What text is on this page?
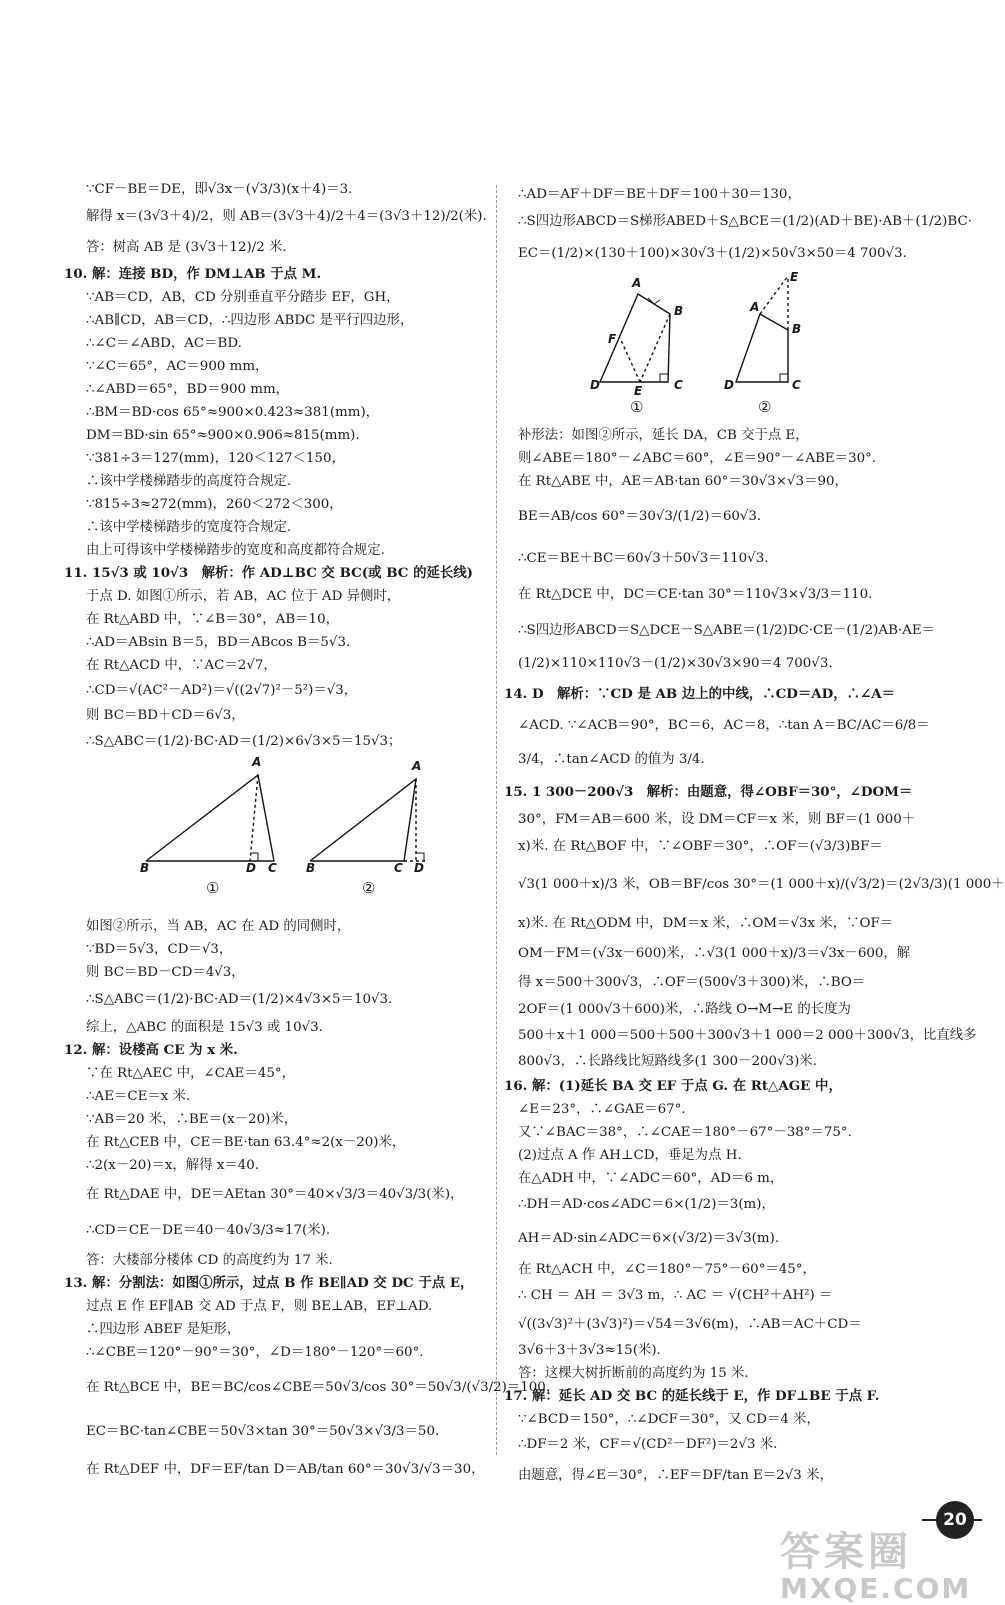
∵CF－BE＝DE，即√3x－(√3/3)(x＋4)＝3.
解得 x＝(3√3＋4)/2，则 AB＝(3√3＋4)/2＋4＝(3√3＋12)/2(米).
答：树高 AB 是 (3√3＋12)/2 米.
10. 解：连接 BD，作 DM⊥AB 于点 M.
∵AB＝CD，AB，CD 分别垂直平分踏步 EF，GH，
∴AB∥CD，AB＝CD，∴四边形 ABDC 是平行四边形，
∴∠C＝∠ABD，AC＝BD.
∵∠C＝65°，AC＝900 mm，
∴∠ABD＝65°，BD＝900 mm，
∴BM＝BD·cos 65°≈900×0.423≈381(mm)，
DM＝BD·sin 65°≈900×0.906≈815(mm).
∵381÷3＝127(mm)，120＜127＜150，
∴该中学楼梯踏步的高度符合规定.
∵815÷3≈272(mm)，260＜272＜300，
∴该中学楼梯踏步的宽度符合规定.
由上可得该中学楼梯踏步的宽度和高度都符合规定.
11. 15√3 或 10√3　解析：作 AD⊥BC 交 BC(或 BC 的延长线)
于点 D. 如图①所示，若 AB，AC 位于 AD 异侧时，
在 Rt△ABD 中，∵∠B＝30°，AB＝10，
∴AD＝ABsin B＝5，BD＝ABcos B＝5√3.
在 Rt△ACD 中，∵AC＝2√7，
∴CD＝√(AC²－AD²)＝√((2√7)²－5²)＝√3，
则 BC＝BD＋CD＝6√3，
∴S△ABC＝(1/2)·BC·AD＝(1/2)×6√3×5＝15√3；
A
B	D C
A
B	C D
①	②
如图②所示，当 AB，AC 在 AD 的同侧时，
∵BD＝5√3，CD＝√3，
则 BC＝BD－CD＝4√3，
∴S△ABC＝(1/2)·BC·AD＝(1/2)×4√3×5＝10√3.
综上，△ABC 的面积是 15√3 或 10√3.
12. 解：设楼高 CE 为 x 米.
∵在 Rt△AEC 中，∠CAE＝45°，
∴AE＝CE＝x 米.
∵AB＝20 米，∴BE＝(x－20)米，
在 Rt△CEB 中，CE＝BE·tan 63.4°≈2(x－20)米，
∴2(x－20)＝x，解得 x＝40.
在 Rt△DAE 中，DE＝AEtan 30°＝40×√3/3＝40√3/3(米)，
∴CD＝CE－DE＝40－40√3/3≈17(米).
答：大楼部分楼体 CD 的高度约为 17 米.
13. 解：分割法：如图①所示，过点 B 作 BE∥AD 交 DC 于点 E，
过点 E 作 EF∥AB 交 AD 于点 F，则 BE⊥AB，EF⊥AD.
∴四边形 ABEF 是矩形，
∴∠CBE＝120°－90°＝30°，∠D＝180°－120°＝60°.
在 Rt△BCE 中，BE＝BC/cos∠CBE＝50√3/cos 30°＝50√3/(√3/2)＝100，
EC＝BC·tan∠CBE＝50√3×tan 30°＝50√3×√3/3＝50.
在 Rt△DEF 中，DF＝EF/tan D＝AB/tan 60°＝30√3/√3＝30，
∴AD＝AF＋DF＝BE＋DF＝100＋30＝130，
∴S四边形ABCD＝S梯形ABED＋S△BCE＝(1/2)(AD＋BE)·AB＋(1/2)BC·
EC＝(1/2)×(130＋100)×30√3＋(1/2)×50√3×50＝4 700√3.
A
B
F
D	E	C
E
A
B
D	C
①	②
补形法：如图②所示，延长 DA，CB 交于点 E，
则∠ABE＝180°－∠ABC＝60°，∠E＝90°－∠ABE＝30°.
在 Rt△ABE 中，AE＝AB·tan 60°＝30√3×√3＝90，
BE＝AB/cos 60°＝30√3/(1/2)＝60√3.
∴CE＝BE＋BC＝60√3＋50√3＝110√3.
在 Rt△DCE 中，DC＝CE·tan 30°＝110√3×√3/3＝110.
∴S四边形ABCD＝S△DCE－S△ABE＝(1/2)DC·CE－(1/2)AB·AE＝
(1/2)×110×110√3－(1/2)×30√3×90＝4 700√3.
14. D　解析：∵CD 是 AB 边上的中线，∴CD＝AD，∴∠A＝
∠ACD. ∵∠ACB＝90°，BC＝6，AC＝8，∴tan A＝BC/AC＝6/8＝
3/4，∴tan∠ACD 的值为 3/4.
15. 1 300－200√3　解析：由题意，得∠OBF＝30°，∠DOM＝
30°，FM＝AB＝600 米，设 DM＝CF＝x 米，则 BF＝(1 000＋
x)米. 在 Rt△BOF 中，∵∠OBF＝30°，∴OF＝(√3/3)BF＝
√3(1 000＋x)/3 米，OB＝BF/cos 30°＝(1 000＋x)/(√3/2)＝(2√3/3)(1 000＋
x)米. 在 Rt△ODM 中，DM＝x 米，∴OM＝√3x 米，∵OF＝
OM－FM＝(√3x－600)米，∴√3(1 000＋x)/3＝√3x－600，解
得 x＝500＋300√3，∴OF＝(500√3＋300)米，∴BO＝
2OF＝(1 000√3＋600)米，∴路线 O→M→E 的长度为
500＋x＋1 000＝500＋500＋300√3＋1 000＝2 000＋300√3，比直线多
800√3，∴长路线比短路线多(1 300－200√3)米.
16. 解：(1)延长 BA 交 EF 于点 G. 在 Rt△AGE 中，
∠E＝23°，∴∠GAE＝67°.
又∵∠BAC＝38°，∴∠CAE＝180°－67°－38°＝75°.
(2)过点 A 作 AH⊥CD，垂足为点 H.
在△ADH 中，∵∠ADC＝60°，AD＝6 m，
∴DH＝AD·cos∠ADC＝6×(1/2)＝3(m)，
AH＝AD·sin∠ADC＝6×(√3/2)＝3√3(m).
在 Rt△ACH 中，∠C＝180°－75°－60°＝45°，
∴ CH ＝ AH ＝ 3√3 m，∴ AC ＝ √(CH²＋AH²) ＝
√((3√3)²＋(3√3)²)＝√54＝3√6(m)，∴AB＝AC＋CD＝
3√6＋3＋3√3≈15(米).
答：这棵大树折断前的高度约为 15 米.
17. 解：延长 AD 交 BC 的延长线于 E，作 DF⊥BE 于点 F.
∵∠BCD＝150°，∴∠DCF＝30°，又 CD＝4 米，
∴DF＝2 米，CF＝√(CD²－DF²)＝2√3 米.
由题意，得∠E＝30°，∴EF＝DF/tan E＝2√3 米，
20
答案圈
MXQE.COM
